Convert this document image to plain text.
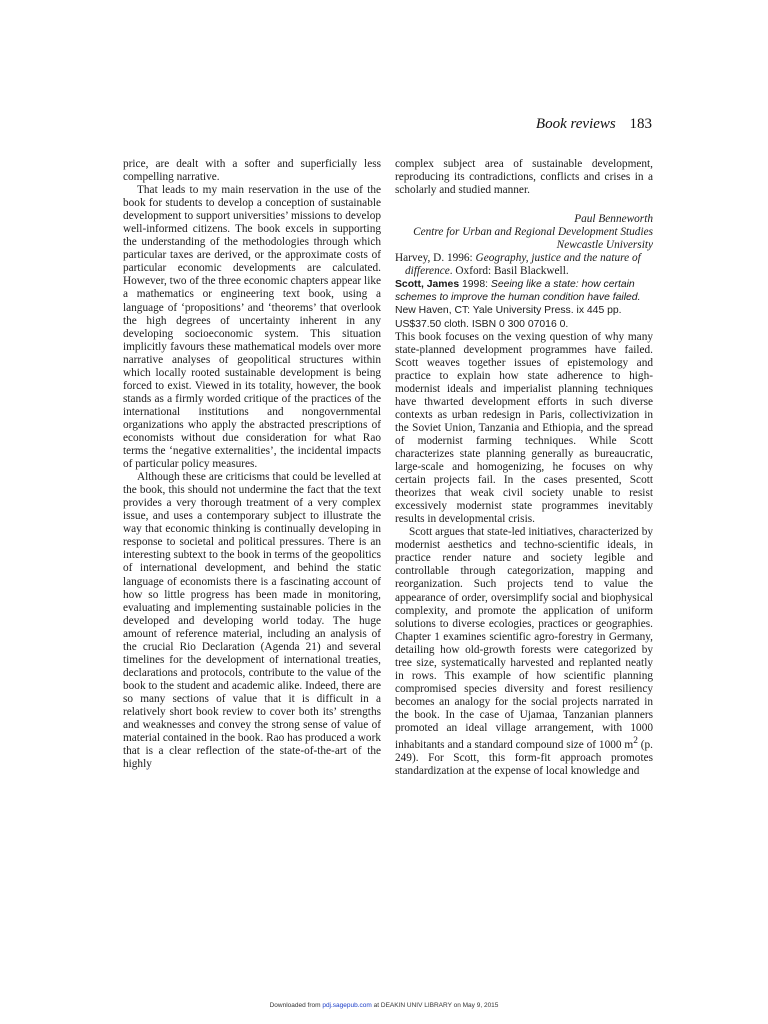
Book reviews 183

price, are dealt with a softer and superficially less compelling narrative.

That leads to my main reservation in the use of the book for students to develop a conception of sustainable development to support universities’ missions to develop well-informed citizens. The book excels in supporting the understanding of the methodologies through which particular taxes are derived, or the approximate costs of particular economic developments are calculated. However, two of the three economic chapters appear like a mathematics or engineering text book, using a language of ‘propositions’ and ‘theorems’ that overlook the high degrees of uncertainty inherent in any developing socioeconomic system. This situation implicitly favours these mathematical models over more narrative analyses of geopolitical structures within which locally rooted sustainable development is being forced to exist. Viewed in its totality, however, the book stands as a firmly worded critique of the practices of the international institutions and nongovernmental organizations who apply the abstracted prescriptions of economists without due consideration for what Rao terms the ‘negative externalities’, the incidental impacts of particular policy measures.

Although these are criticisms that could be levelled at the book, this should not undermine the fact that the text provides a very thorough treatment of a very complex issue, and uses a contemporary subject to illustrate the way that economic thinking is continually developing in response to societal and political pressures. There is an interesting subtext to the book in terms of the geopolitics of international development, and behind the static language of economists there is a fascinating account of how so little progress has been made in monitoring, evaluating and implementing sustainable policies in the developed and developing world today. The huge amount of reference material, including an analysis of the crucial Rio Declaration (Agenda 21) and several timelines for the development of international treaties, declarations and protocols, contribute to the value of the book to the student and academic alike. Indeed, there are so many sections of value that it is difficult in a relatively short book review to cover both its’ strengths and weaknesses and convey the strong sense of value of material contained in the book. Rao has produced a work that is a clear reflection of the state-of-the-art of the highly

complex subject area of sustainable development, reproducing its contradictions, conflicts and crises in a scholarly and studied manner.

Paul Benneworth
Centre for Urban and Regional Development Studies
Newcastle University

Harvey, D. 1996: Geography, justice and the nature of difference. Oxford: Basil Blackwell.

Scott, James 1998: Seeing like a state: how certain schemes to improve the human condition have failed. New Haven, CT: Yale University Press. ix 445 pp. US$37.50 cloth. ISBN 0 300 07016 0.

This book focuses on the vexing question of why many state-planned development programmes have failed. Scott weaves together issues of epistemology and practice to explain how state adherence to high-modernist ideals and imperialist planning techniques have thwarted development efforts in such diverse contexts as urban redesign in Paris, collectivization in the Soviet Union, Tanzania and Ethiopia, and the spread of modernist farming techniques. While Scott characterizes state planning generally as bureaucratic, large-scale and homogenizing, he focuses on why certain projects fail. In the cases presented, Scott theorizes that weak civil society unable to resist excessively modernist state programmes inevitably results in developmental crisis.

Scott argues that state-led initiatives, characterized by modernist aesthetics and techno-scientific ideals, in practice render nature and society legible and controllable through categorization, mapping and reorganization. Such projects tend to value the appearance of order, oversimplify social and biophysical complexity, and promote the application of uniform solutions to diverse ecologies, practices or geographies. Chapter 1 examines scientific agro-forestry in Germany, detailing how old-growth forests were categorized by tree size, systematically harvested and replanted neatly in rows. This example of how scientific planning compromised species diversity and forest resiliency becomes an analogy for the social projects narrated in the book. In the case of Ujamaa, Tanzanian planners promoted an ideal village arrangement, with 1000 inhabitants and a standard compound size of 1000 $m^2$ (p. 249). For Scott, this form-fit approach promotes standardization at the expense of local knowledge and

Downloaded from pdj.sagepub.com at DEAKIN UNIV LIBRARY on May 9, 2015
